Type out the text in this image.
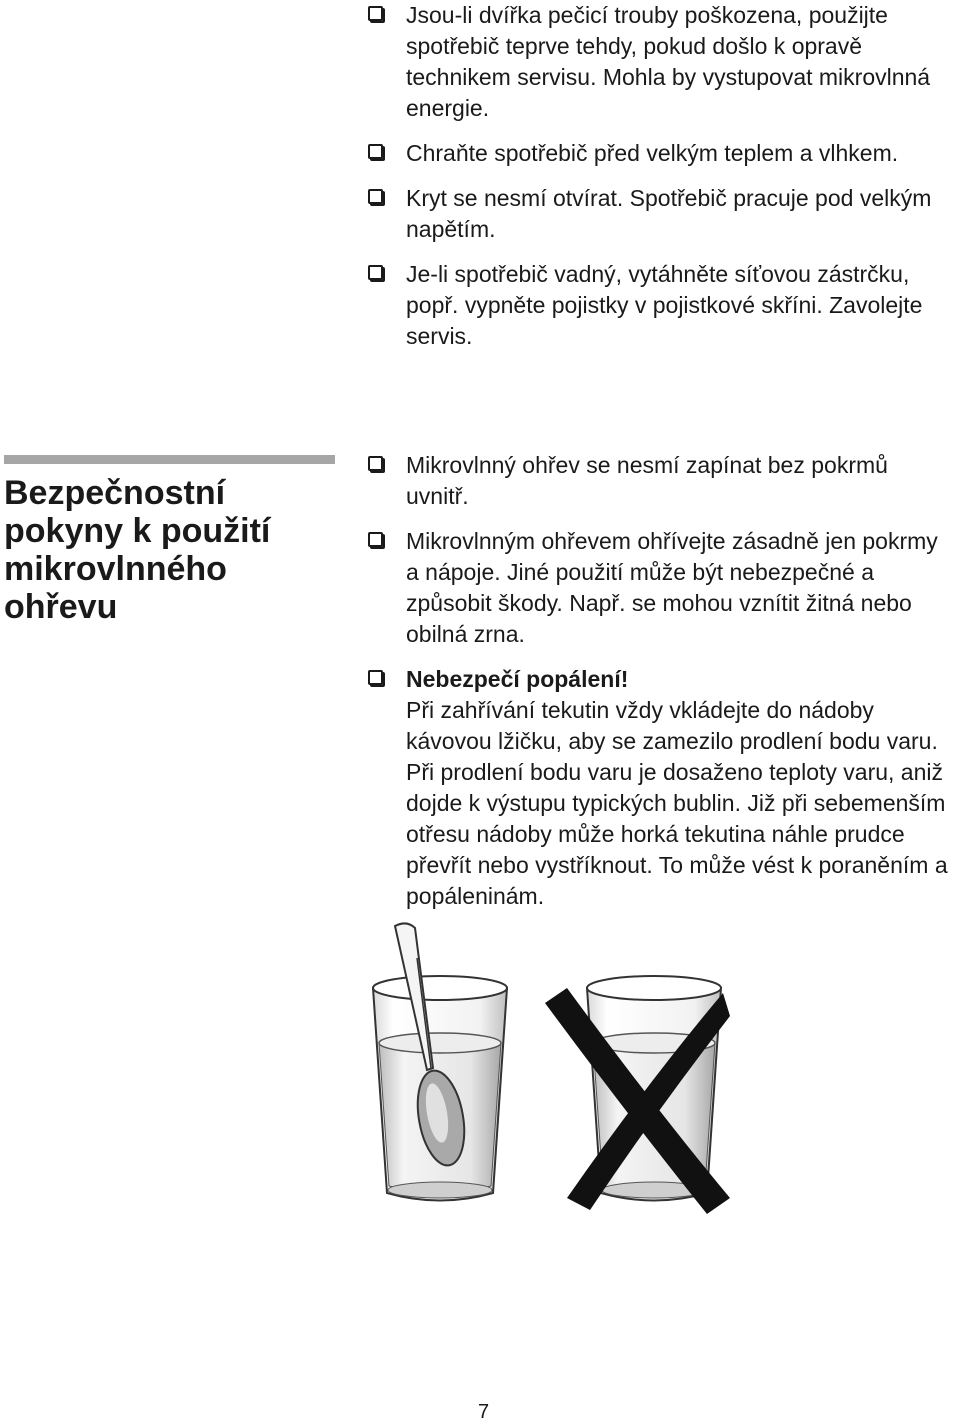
Jsou-li dvířka pečicí trouby poškozena, použijte spotřebič teprve tehdy, pokud došlo k opravě technikem servisu. Mohla by vystupovat mikrovlnná energie.
Chraňte spotřebič před velkým teplem a vlhkem.
Kryt se nesmí otvírat. Spotřebič pracuje pod velkým napětím.
Je-li spotřebič vadný, vytáhněte síťovou zástrčku, popř. vypněte pojistky v pojistkové skříni. Zavolejte servis.
Bezpečnostní pokyny k použití mikrovlnného ohřevu
Mikrovlnný ohřev se nesmí zapínat bez pokrmů uvnitř.
Mikrovlnným ohřevem ohřívejte zásadně jen pokrmy a nápoje. Jiné použití může být nebezpečné a způsobit škody. Např. se mohou vznítit žitná nebo obilná zrna.
Nebezpečí popálení!
Při zahřívání tekutin vždy vkládejte do nádoby kávovou lžičku, aby se zamezilo prodlení bodu varu. Při prodlení bodu varu je dosaženo teploty varu, aniž dojde k výstupu typických bublin. Již při sebemenším otřesu nádoby může horká tekutina náhle prudce převřít nebo vystříknout. To může vést k poraněním a popáleninám.
7
